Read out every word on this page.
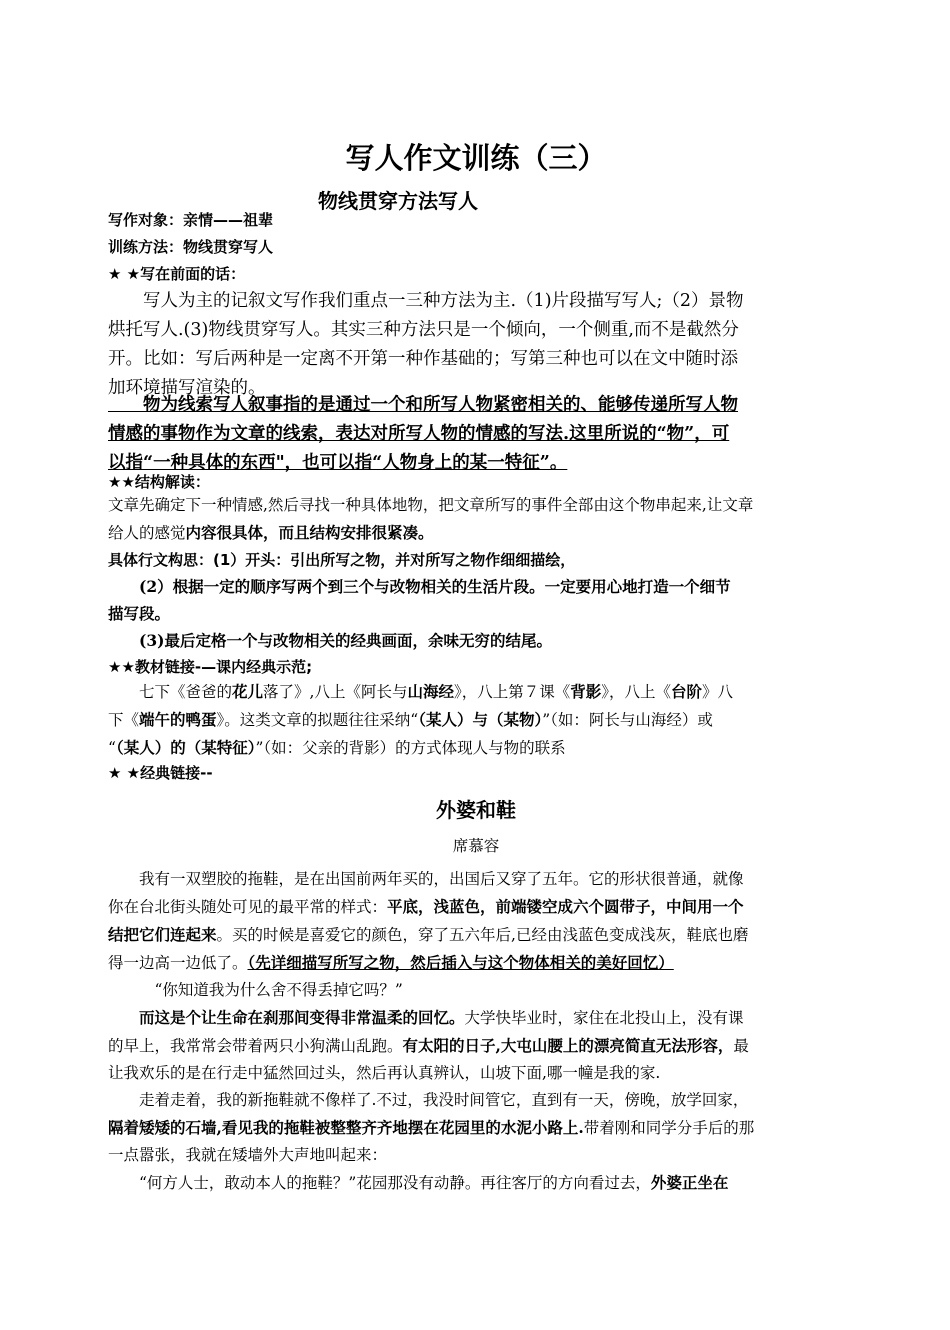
写人作文训练（三）
物线贯穿方法写人
写作对象：亲情——祖辈
训练方法：物线贯穿写人
★ ★写在前面的话：
　　写人为主的记叙文写作我们重点一三种方法为主.（1)片段描写写人;（2）景物
烘托写人.(3)物线贯穿写人。其实三种方法只是一个倾向，一个侧重,而不是截然分
开。比如：写后两种是一定离不开第一种作基础的；写第三种也可以在文中随时添
加环境描写渲染的。
　　物为线索写人叙事指的是通过一个和所写人物紧密相关的、能够传递所写人物
情感的事物作为文章的线索，表达对所写人物的情感的写法.这里所说的“物”，可
以指“一种具体的东西"，也可以指“人物身上的某一特征”。
★★结构解读：
文章先确定下一种情感,然后寻找一种具体地物，把文章所写的事件全部由这个物串起来,让文章
给人的感觉内容很具体，而且结构安排很紧凑。
具体行文构思：(1）开头：引出所写之物，并对所写之物作细细描绘，
　　(2）根据一定的顺序写两个到三个与改物相关的生活片段。一定要用心地打造一个细节
描写段。
　　(3)最后定格一个与改物相关的经典画面，余味无穷的结尾。
★★教材链接-—课内经典示范;
　　七下《爸爸的花儿落了》,八上《阿长与山海经》，八上第７课《背影》，八上《台阶》八
下《端午的鸭蛋》。这类文章的拟题往往采纳“（某人）与（某物）”（如：阿长与山海经）或
“（某人）的（某特征）”（如：父亲的背影）的方式体现人与物的联系
★ ★经典链接--
外婆和鞋
席慕容
　　我有一双塑胶的拖鞋，是在出国前两年买的，出国后又穿了五年。它的形状很普通，就像
你在台北街头随处可见的最平常的样式：平底，浅蓝色，前端镂空成六个圆带子，中间用一个
结把它们连起来。买的时候是喜爱它的颜色，穿了五六年后,已经由浅蓝色变成浅灰，鞋底也磨
得一边高一边低了。（先详细描写所写之物，然后插入与这个物体相关的美好回忆）
　　　“你知道我为什么舍不得丢掉它吗？”
　　而这是个让生命在刹那间变得非常温柔的回忆。大学快毕业时，家住在北投山上，没有课
的早上，我常常会带着两只小狗满山乱跑。有太阳的日子,大屯山腰上的漂亮简直无法形容，最
让我欢乐的是在行走中猛然回过头，然后再认真辨认，山坡下面,哪一幢是我的家.
　　走着走着，我的新拖鞋就不像样了.不过，我没时间管它，直到有一天，傍晚，放学回家，
隔着矮矮的石墙,看见我的拖鞋被整整齐齐地摆在花园里的水泥小路上.带着刚和同学分手后的那
一点嚣张，我就在矮墙外大声地叫起来：
　　“何方人士，敢动本人的拖鞋？”花园那没有动静。再往客厅的方向看过去，外婆正坐在
